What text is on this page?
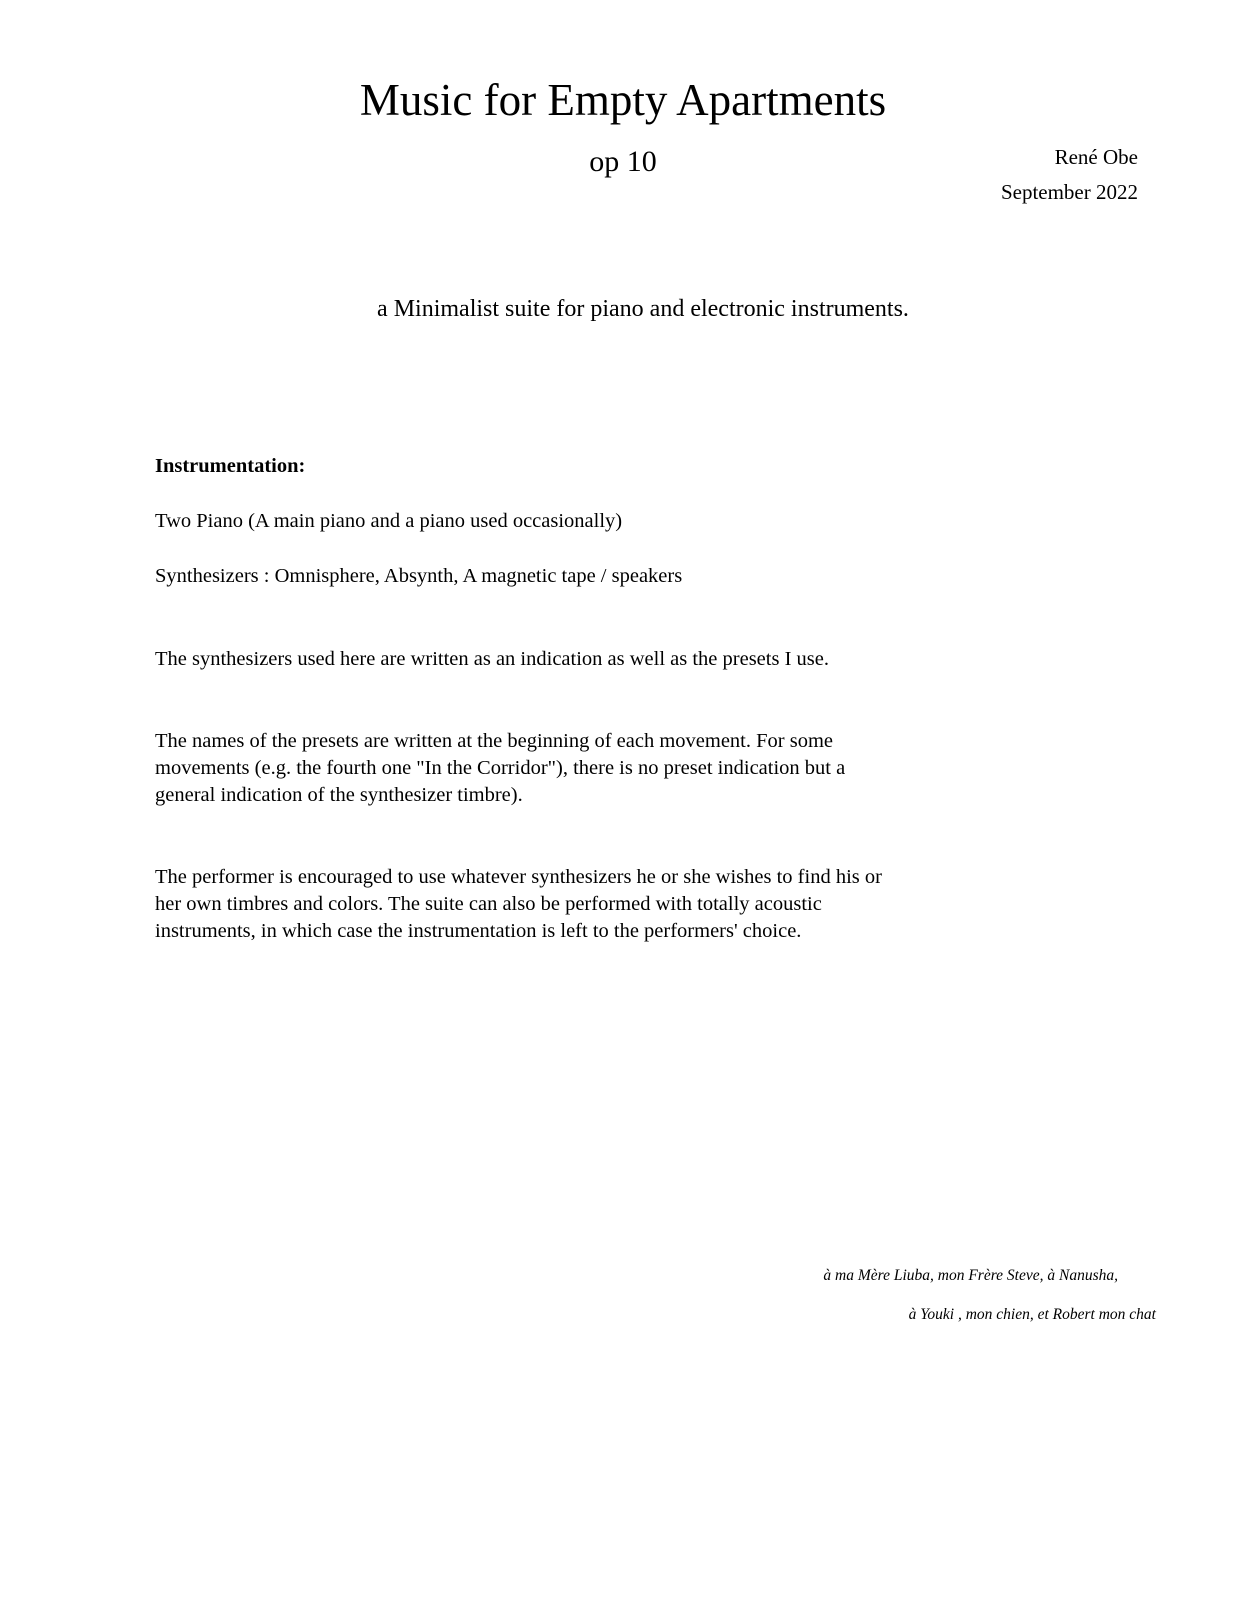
Music for Empty Apartments
op 10	René Obe
September 2022
a Minimalist suite for piano and electronic instruments.
Instrumentation:
Two Piano (A main piano and a piano used occasionally)
Synthesizers : Omnisphere, Absynth, A magnetic tape / speakers

The synthesizers used here are written as an indication as well as the presets I use.

The names of the presets are written at the beginning of each movement. For some movements (e.g. the fourth one "In the Corridor"), there is no preset indication but a general indication of the synthesizer timbre).

The performer is encouraged to use whatever synthesizers he or she wishes to find his or her own timbres and colors. The suite can also be performed with totally acoustic instruments, in which case the instrumentation is left to the performers' choice.

à ma Mère Liuba, mon Frère Steve, à Nanusha,
à Youki , mon chien, et Robert mon chat
